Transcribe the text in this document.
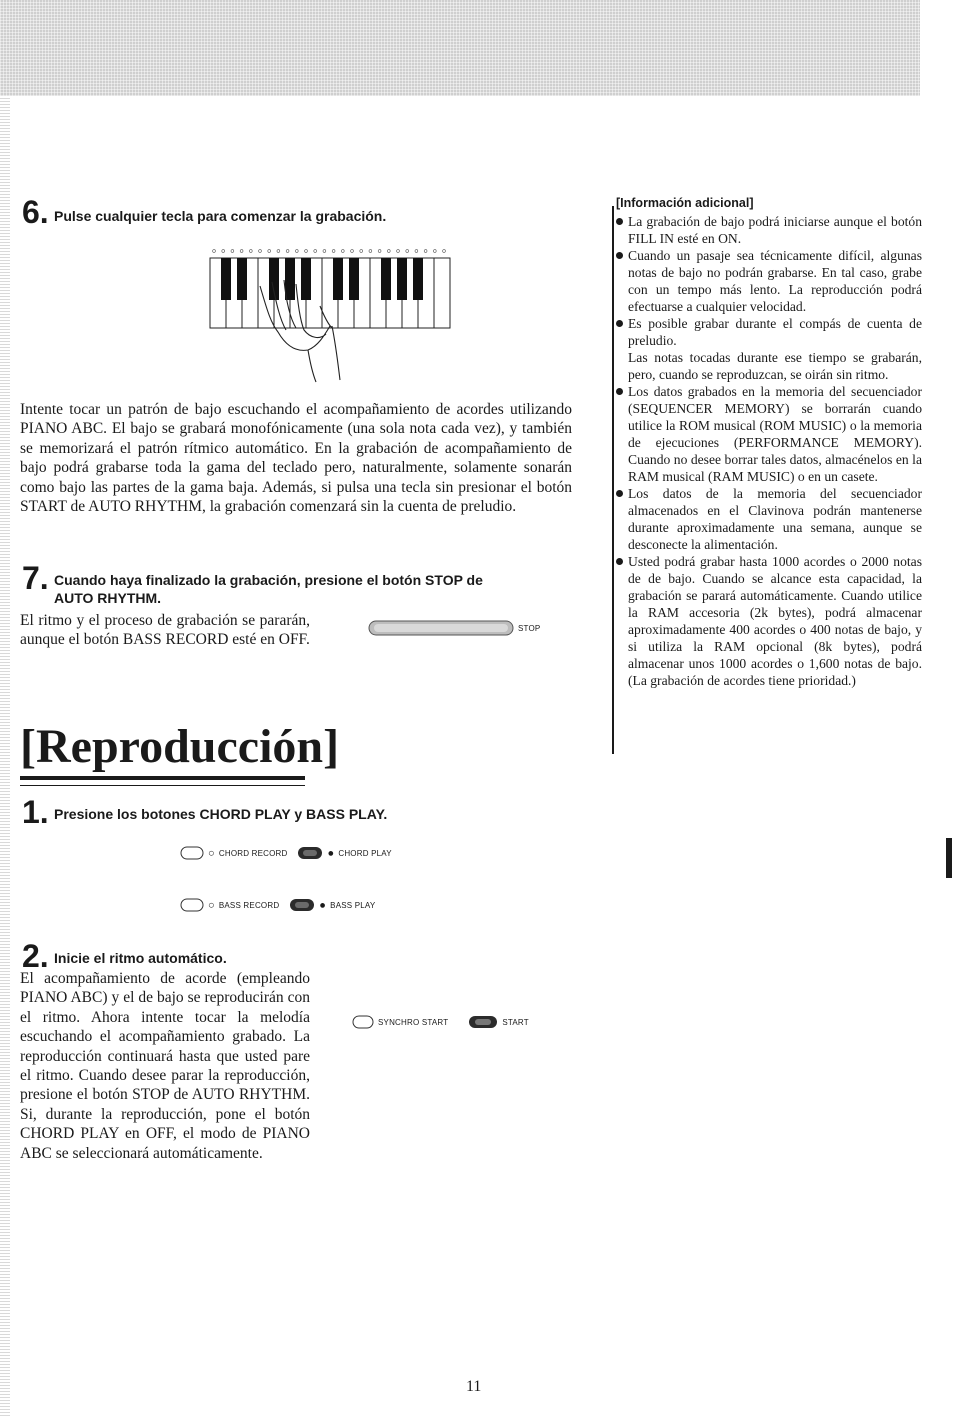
6. Pulse cualquier tecla para comenzar la grabación.
Intente tocar un patrón de bajo escuchando el acompañamiento de acordes utilizando PIANO ABC. El bajo se grabará monofónicamente (una sola nota cada vez), y también se memorizará el patrón rítmico automático. En la grabación de acompañamiento de bajo podrá grabarse toda la gama del teclado pero, naturalmente, solamente sonarán como bajo las partes de la gama baja. Además, si pulsa una tecla sin presionar el botón START de AUTO RHYTHM, la grabación comenzará sin la cuenta de preludio.
7. Cuando haya finalizado la grabación, presione el botón STOP de
AUTO RHYTHM.
El ritmo y el proceso de grabación se pararán, aunque el botón BASS RECORD esté en OFF.
STOP
[Reproducción]
1. Presione los botones CHORD PLAY y BASS PLAY.
○ CHORD RECORD	● CHORD PLAY
○ BASS RECORD	● BASS PLAY
2. Inicie el ritmo automático.
El acompañamiento de acorde (empleando PIANO ABC) y el de bajo se reproducirán con el ritmo. Ahora intente tocar la melodía escuchando el acompañamiento grabado. La reproducción continuará hasta que usted pare el ritmo. Cuando desee parar la reproducción, presione el botón STOP de AUTO RHYTHM. Si, durante la reproducción, pone el botón CHORD PLAY en OFF, el modo de PIANO ABC se seleccionará automáticamente.
SYNCHRO START	START
[Información adicional]
La grabación de bajo podrá iniciarse aunque el botón FILL IN esté en ON.
Cuando un pasaje sea técnicamente difícil, algunas notas de bajo no podrán grabarse. En tal caso, grabe con un tempo más lento. La reproducción podrá efectuarse a cualquier velocidad.
Es posible grabar durante el compás de cuenta de preludio.
Las notas tocadas durante ese tiempo se grabarán, pero, cuando se reproduzcan, se oirán sin ritmo.
Los datos grabados en la memoria del secuenciador (SEQUENCER MEMORY) se borrarán cuando utilice la ROM musical (ROM MUSIC) o la memoria de ejecuciones (PERFORMANCE MEMORY). Cuando no desee borrar tales datos, almacénelos en la RAM musical (RAM MUSIC) o en un casete.
Los datos de la memoria del secuenciador almacenados en el Clavinova podrán mantenerse durante aproximadamente una semana, aunque se desconecte la alimentación.
Usted podrá grabar hasta 1000 acordes o 2000 notas de de bajo. Cuando se alcance esta capacidad, la grabación se parará automáticamente. Cuando utilice la RAM accesoria (2k bytes), podrá almacenar aproximadamente 400 acordes o 400 notas de bajo, y si utiliza la RAM opcional (8k bytes), podrá almacenar unos 1000 acordes o 1,600 notas de bajo. (La grabación de acordes tiene prioridad.)
11
